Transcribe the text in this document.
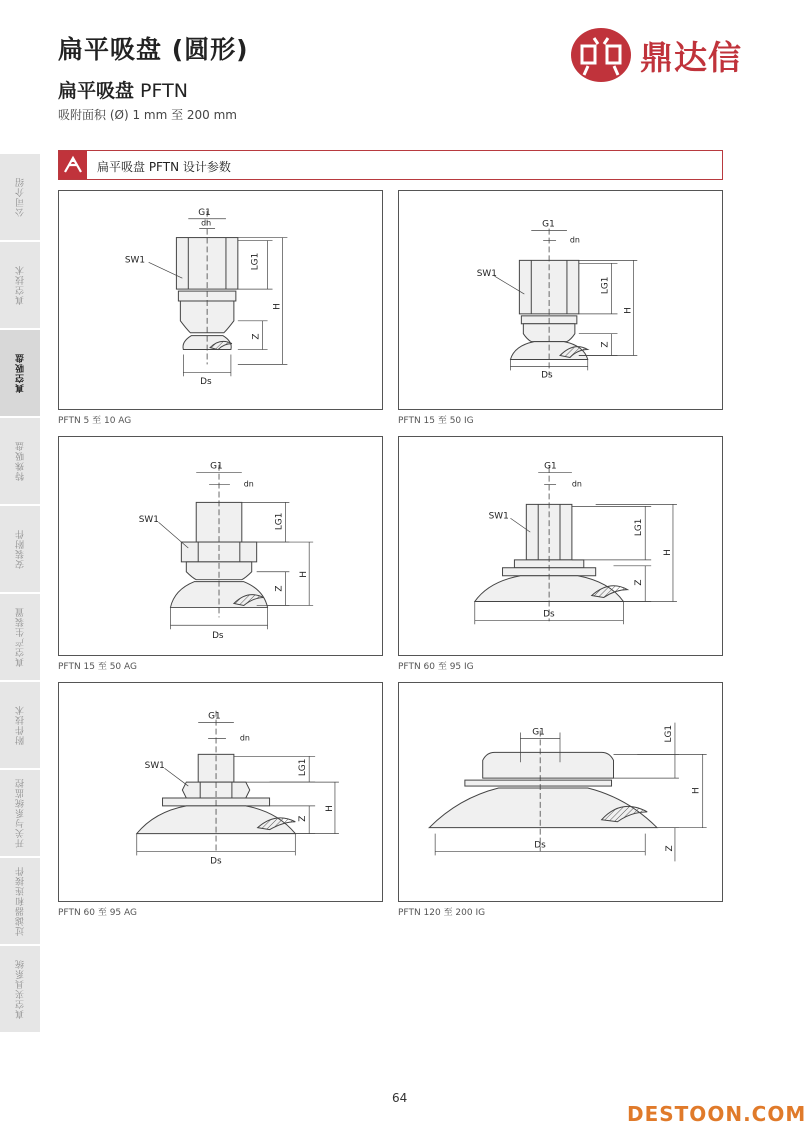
扁平吸盘 (圆形)
扁平吸盘 PFTN
吸附面积 (Ø) 1 mm 至 200 mm
鼎达信
公司介绍
真空技术
真空吸盘
特殊吸盘
安装附件
真空产生装置
附件技术
开关与系统监控
过滤器和连接件
真空夹具系统
扁平吸盘 PFTN 设计参数
G1
dn
SW1	LG1
H
Z
Ds
PFTN 5 至 10 AG
G1
dn
SW1
LG1
H
Z
Ds
PFTN 15 至 50 IG
G1
dn
SW1	LG1
H
Z
Ds
PFTN 15 至 50 AG
G1
dn
SW1
LG1
H
Z
Ds
PFTN 60 至 95 IG
G1
dn
SW1	LG1
H
Z
Ds
PFTN 60 至 95 AG
G1	LG1
H
Z
Ds
PFTN 120 至 200 IG
64
DESTOON.COM
